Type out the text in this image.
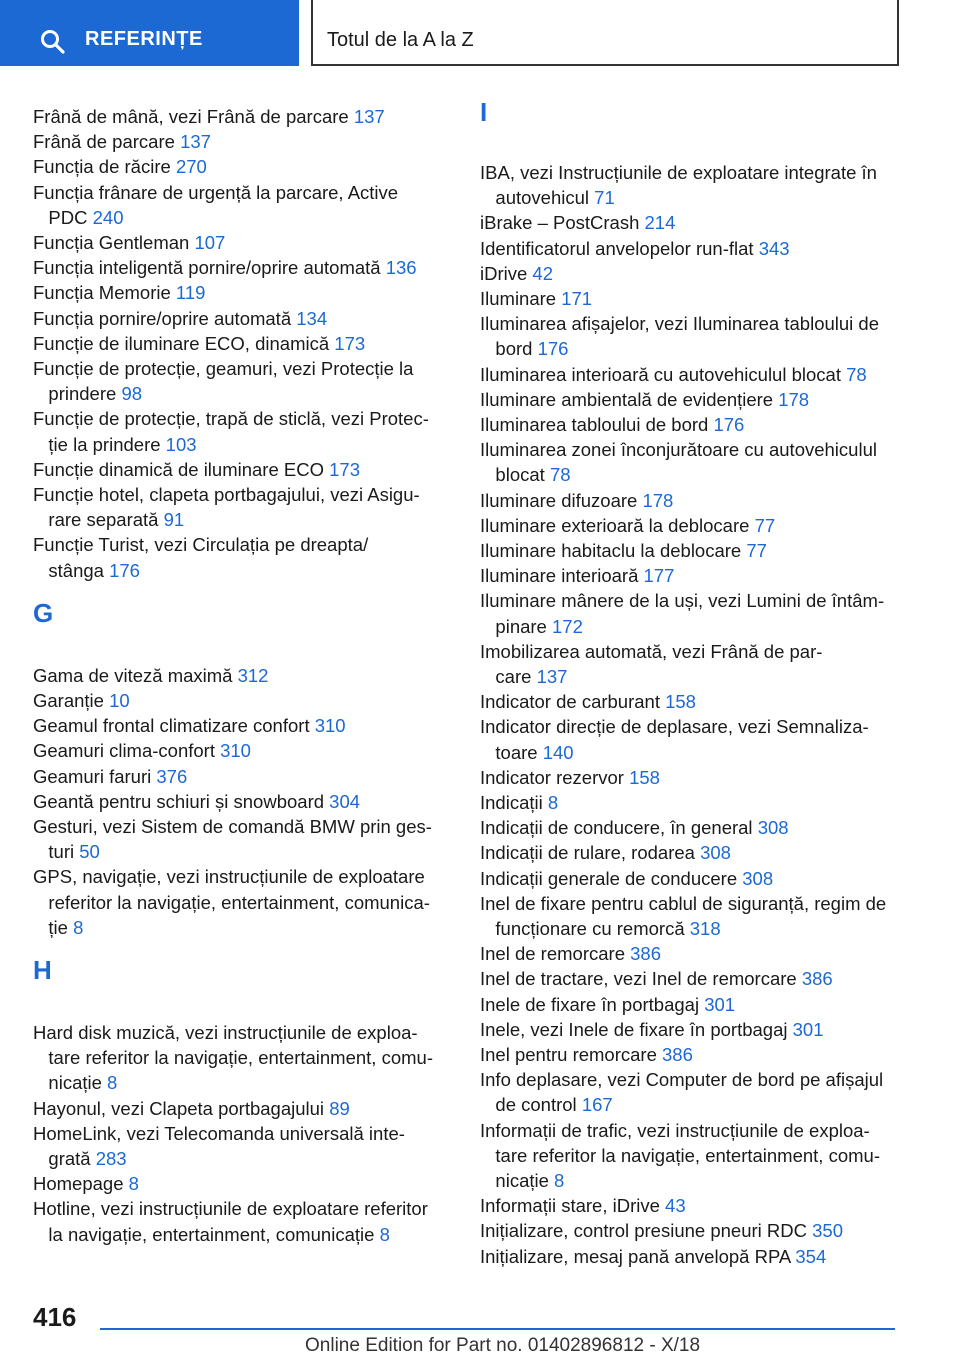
REFERINȚE	Totul de la A la Z
Frână de mână, vezi Frână de parcare 137
Frână de parcare 137
Funcția de răcire 270
Funcția frânare de urgență la parcare, Active
PDC 240
Funcția Gentleman 107
Funcția inteligentă pornire/oprire automată 136
Funcția Memorie 119
Funcția pornire/oprire automată 134
Funcție de iluminare ECO, dinamică 173
Funcție de protecție, geamuri, vezi Protecție la
prindere 98
Funcție de protecție, trapă de sticlă, vezi Protec‐
ție la prindere 103
Funcție dinamică de iluminare ECO 173
Funcție hotel, clapeta portbagajului, vezi Asigu‐
rare separată 91
Funcție Turist, vezi Circulația pe dreapta/
stânga 176
G
Gama de viteză maximă 312
Garanție 10
Geamul frontal climatizare confort 310
Geamuri clima-confort 310
Geamuri faruri 376
Geantă pentru schiuri și snowboard 304
Gesturi, vezi Sistem de comandă BMW prin ges‐
turi 50
GPS, navigație, vezi instrucțiunile de exploatare
referitor la navigație, entertainment, comunica‐
ție 8
H
Hard disk muzică, vezi instrucțiunile de exploa‐
tare referitor la navigație, entertainment, comu‐
nicație 8
Hayonul, vezi Clapeta portbagajului 89
HomeLink, vezi Telecomanda universală inte‐
grată 283
Homepage 8
Hotline, vezi instrucțiunile de exploatare referitor
la navigație, entertainment, comunicație 8
I
IBA, vezi Instrucțiunile de exploatare integrate în
autovehicul 71
iBrake – PostCrash 214
Identificatorul anvelopelor run-flat 343
iDrive 42
Iluminare 171
Iluminarea afișajelor, vezi Iluminarea tabloului de
bord 176
Iluminarea interioară cu autovehiculul blocat 78
Iluminare ambientală de evidențiere 178
Iluminarea tabloului de bord 176
Iluminarea zonei înconjurătoare cu autovehiculul
blocat 78
Iluminare difuzoare 178
Iluminare exterioară la deblocare 77
Iluminare habitaclu la deblocare 77
Iluminare interioară 177
Iluminare mânere de la uși, vezi Lumini de întâm‐
pinare 172
Imobilizarea automată, vezi Frână de par‐
care 137
Indicator de carburant 158
Indicator direcție de deplasare, vezi Semnaliza‐
toare 140
Indicator rezervor 158
Indicații 8
Indicații de conducere, în general 308
Indicații de rulare, rodarea 308
Indicații generale de conducere 308
Inel de fixare pentru cablul de siguranță, regim de
funcționare cu remorcă 318
Inel de remorcare 386
Inel de tractare, vezi Inel de remorcare 386
Inele de fixare în portbagaj 301
Inele, vezi Inele de fixare în portbagaj 301
Inel pentru remorcare 386
Info deplasare, vezi Computer de bord pe afișajul
de control 167
Informații de trafic, vezi instrucțiunile de exploa‐
tare referitor la navigație, entertainment, comu‐
nicație 8
Informații stare, iDrive 43
Inițializare, control presiune pneuri RDC 350
Inițializare, mesaj pană anvelopă RPA 354
416
Online Edition for Part no. 01402896812 - X/18
